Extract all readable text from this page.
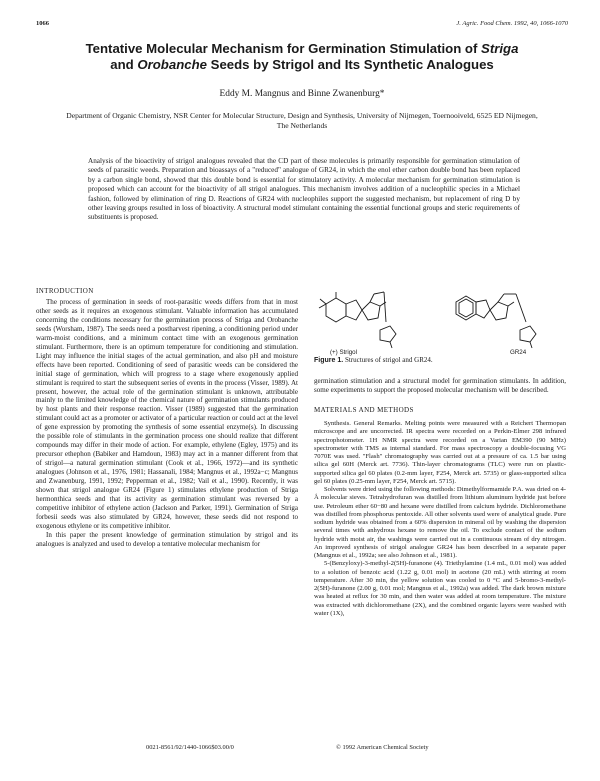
1066	J. Agric. Food Chem. 1992, 40, 1066-1070
Tentative Molecular Mechanism for Germination Stimulation of Striga
and Orobanche Seeds by Strigol and Its Synthetic Analogues
Eddy M. Mangnus and Binne Zwanenburg*
Department of Organic Chemistry, NSR Center for Molecular Structure, Design and Synthesis, University of Nijmegen, Toernooiveld, 6525 ED Nijmegen, The Netherlands
Analysis of the bioactivity of strigol analogues revealed that the CD part of these molecules is primarily responsible for germination stimulation of seeds of parasitic weeds. Preparation and bioassays of a "reduced" analogue of GR24, in which the enol ether carbon double bond has been replaced by a carbon single bond, showed that this double bond is essential for stimulatory activity. A molecular mechanism for germination stimulation is proposed which can account for the bioactivity of all strigol analogues. This mechanism involves addition of a nucleophilic species in a Michael fashion, followed by elimination of ring D. Reactions of GR24 with nucleophiles support the suggested mechanism, but replacement of ring D by other leaving groups resulted in loss of bioactivity. A structural model stimulant containing the essential functional groups and steric requirements of substituents is proposed.
INTRODUCTION

The process of germination in seeds of root-parasitic weeds differs from that in most other seeds as it requires an exogenous stimulant. Valuable information has accumulated concerning the conditions necessary for the germination process of Striga and Orobanche seeds (Worsham, 1987). The seeds need a postharvest ripening, a conditioning period under warm-moist conditions, and a minimum contact time with an exogenous germination stimulant. Furthermore, there is an optimum temperature for conditioning and stimulation. Light may influence the initial stages of the actual germination, and also pH and moisture effects have been reported. Conditioning of seed of parasitic weeds can be considered the initial stage of germination, which will progress to a stage where exogenously applied stimulant is required to start the subsequent series of events in the process (Visser, 1989). At present, however, the actual role of the germination stimulant is unknown, attributable mainly to the limited knowledge of the chemical nature of germination stimulants produced by host plants and their response reaction. Visser (1989) suggested that the germination stimulant could act as a promoter or activator of a particular reaction or could act at the level of gene expression by promoting the synthesis of some essential enzyme(s). In discussing the possible role of stimulants in the germination process one should realize that different compounds may differ in their mode of action. For example, ethylene (Egley, 1975) and its precursor ethephon (Babiker and Hamdoun, 1983) may act in a manner different from that of strigol—a natural germination stimulant (Cook et al., 1966, 1972)—and its synthetic analogues (Johnson et al., 1976, 1981; Hassanali, 1984; Mangnus et al., 1992a−c; Mangnus and Zwanenburg, 1991, 1992; Pepperman et al., 1982; Vail et al., 1990). Recently, it was shown that strigol analogue GR24 (Figure 1) stimulates ethylene production of Striga hermonthica seeds and that its activity as germination stimulant was reversed by a competitive inhibitor of ethylene action (Jackson and Parker, 1991). Germination of Striga forbesii seeds was also stimulated by GR24, however, these seeds did not respond to exogenous ethylene or its competitive inhibitor.

In this paper the present knowledge of germination stimulation by strigol and its analogues is analyzed and used to develop a tentative molecular mechanism for

(+) Strigol	GR24
Figure 1. Structures of strigol and GR24.
germination stimulation and a structural model for germination stimulants. In addition, some experiments to support the proposed molecular mechanism will be described.
MATERIALS AND METHODS

Synthesis. General Remarks. Melting points were measured with a Reichert Thermopan microscope and are uncorrected. IR spectra were recorded on a Perkin-Elmer 298 infrared spectrophotometer. 1H NMR spectra were recorded on a Varian EM390 (90 MHz) spectrometer with TMS as internal standard. For mass spectroscopy a double-focusing VG 7070E was used. "Flash" chromatography was carried out at a pressure of ca. 1.5 bar using silica gel 60H (Merck art. 7736). Thin-layer chromatograms (TLC) were run on plastic-supported silica gel 60 plates (0.2-mm layer, F254, Merck art. 5735) or glass-supported silica gel 60 plates (0.25-mm layer, F254, Merck art. 5715).

Solvents were dried using the following methods: Dimethylformamide P.A. was dried on 4-Å molecular sieves. Tetrahydrofuran was distilled from lithium aluminum hydride just before use. Petroleum ether 60−80 and hexane were distilled from calcium hydride. Dichloromethane was distilled from phosphorus pentoxide. All other solvents used were of analytical grade. Pure sodium hydride was obtained from a 60% dispersion in mineral oil by washing the dispersion several times with anhydrous hexane to remove the oil. To exclude contact of the sodium hydride with moist air, the washings were carried out in a continuous stream of dry nitrogen. An improved synthesis of strigol analogue GR24 has been described in a separate paper (Mangnus et al., 1992a; see also Johnson et al., 1981).

5-(Benzyloxy)-3-methyl-2(5H)-furanone (4). Triethylamine (1.4 mL, 0.01 mol) was added to a solution of benzoic acid (1.22 g, 0.01 mol) in acetone (20 mL) with stirring at room temperature. After 30 min, the yellow solution was cooled to 0 °C and 5-bromo-3-methyl-2(5H)-furanone (2.00 g, 0.01 mol; Mangnus et al., 1992a) was added. The dark brown mixture was heated at reflux for 30 min, and then water was added at room temperature. The mixture was extracted with dichloromethane (2X), and the combined organic layers were washed with water (1X),

0021-8561/92/1440-1066$03.00/0	© 1992 American Chemical Society
